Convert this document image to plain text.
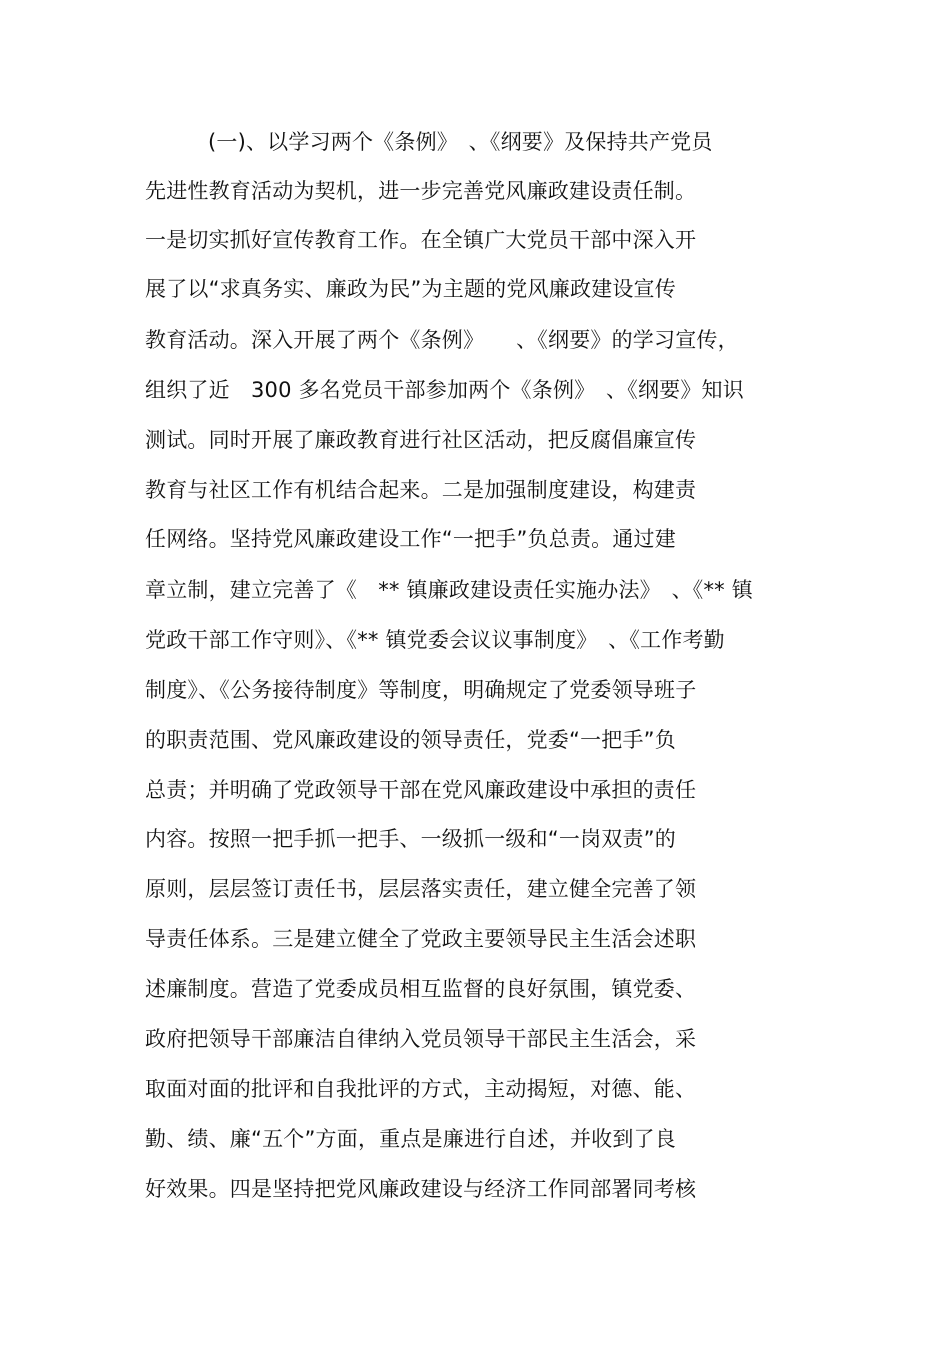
(一)、以学习两个《条例》　、《纲要》及保持共产党员
先进性教育活动为契机，进一步完善党风廉政建设责任制。
一是切实抓好宣传教育工作。在全镇广大党员干部中深入开
展了以“求真务实、廉政为民”为主题的党风廉政建设宣传
教育活动。深入开展了两个《条例》　　、《纲要》的学习宣传，
组织了近　300 多名党员干部参加两个《条例》　、《纲要》知识
测试。同时开展了廉政教育进行社区活动，把反腐倡廉宣传
教育与社区工作有机结合起来。二是加强制度建设，构建责
任网络。坚持党风廉政建设工作“一把手”负总责。通过建
章立制，建立完善了《　** 镇廉政建设责任实施办法》　、《** 镇
党政干部工作守则》、《** 镇党委会议议事制度》　、《工作考勤
制度》、《公务接待制度》等制度，明确规定了党委领导班子
的职责范围、党风廉政建设的领导责任，党委“一把手”负
总责；并明确了党政领导干部在党风廉政建设中承担的责任
内容。按照一把手抓一把手、一级抓一级和“一岗双责”的
原则，层层签订责任书，层层落实责任，建立健全完善了领
导责任体系。三是建立健全了党政主要领导民主生活会述职
述廉制度。营造了党委成员相互监督的良好氛围，镇党委、
政府把领导干部廉洁自律纳入党员领导干部民主生活会，采
取面对面的批评和自我批评的方式，主动揭短，对德、能、
勤、绩、廉“五个”方面，重点是廉进行自述，并收到了良
好效果。四是坚持把党风廉政建设与经济工作同部署同考核
